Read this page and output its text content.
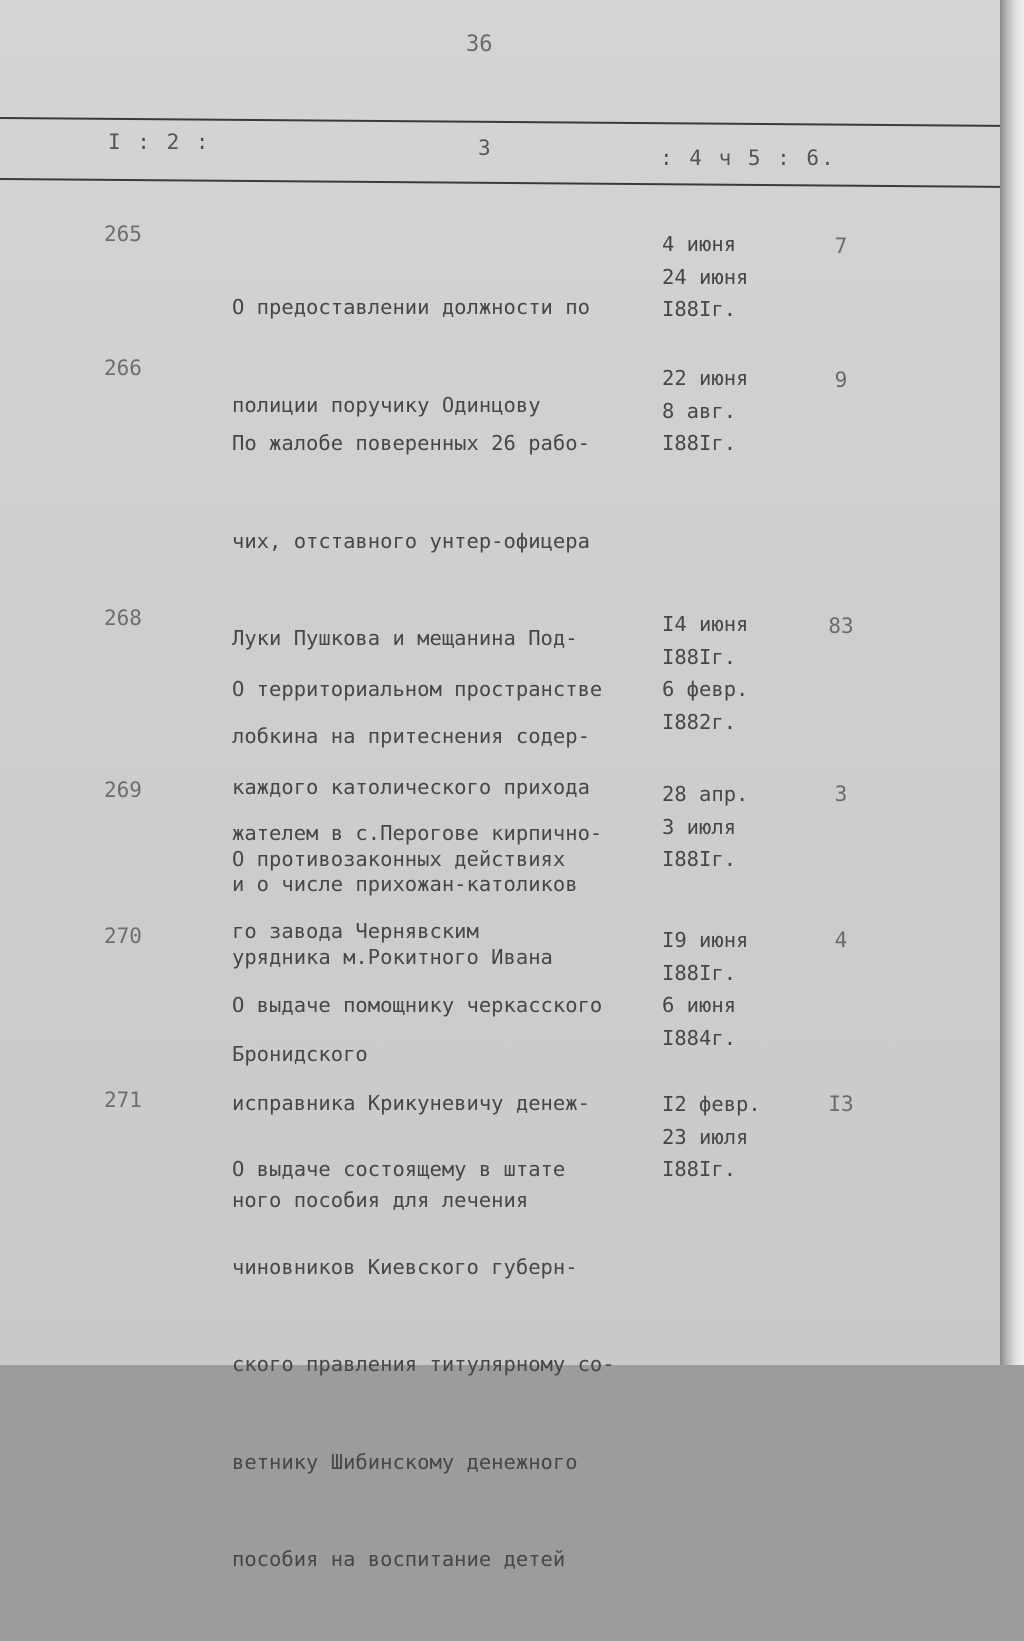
36
I : 2 :	3	: 4 ч 5 : 6.
265

О предоставлении должности по

полиции поручику Одинцову

4 июня
24 июня
I88Iг.
7
266

По жалобе поверенных 26 рабо-

чих, отставного унтер-офицера

Луки Пушкова и мещанина Под-

лобкина на притеснения содер-

жателем в с.Перогове кирпично-

го завода Чернявским

22 июня
8 авг.
I88Iг.
9
268

О территориальном пространстве

каждого католического прихода

и о числе прихожан-католиков

I4 июня
I88Iг.
6 февр.
I882г.
83
269

О противозаконных действиях

урядника м.Рокитного Ивана

Бронидского

28 апр.
3 июля
I88Iг.
3
270

О выдаче помощнику черкасского

исправника Крикуневичу денеж-

ного пособия для лечения

I9 июня
I88Iг.
6 июня
I884г.
4
271

О выдаче состоящему в штате

чиновников Киевского губерн-

ского правления титулярному со-

ветнику Шибинскому денежного

пособия на воспитание детей

I2 февр.
23 июля
I88Iг.
I3
